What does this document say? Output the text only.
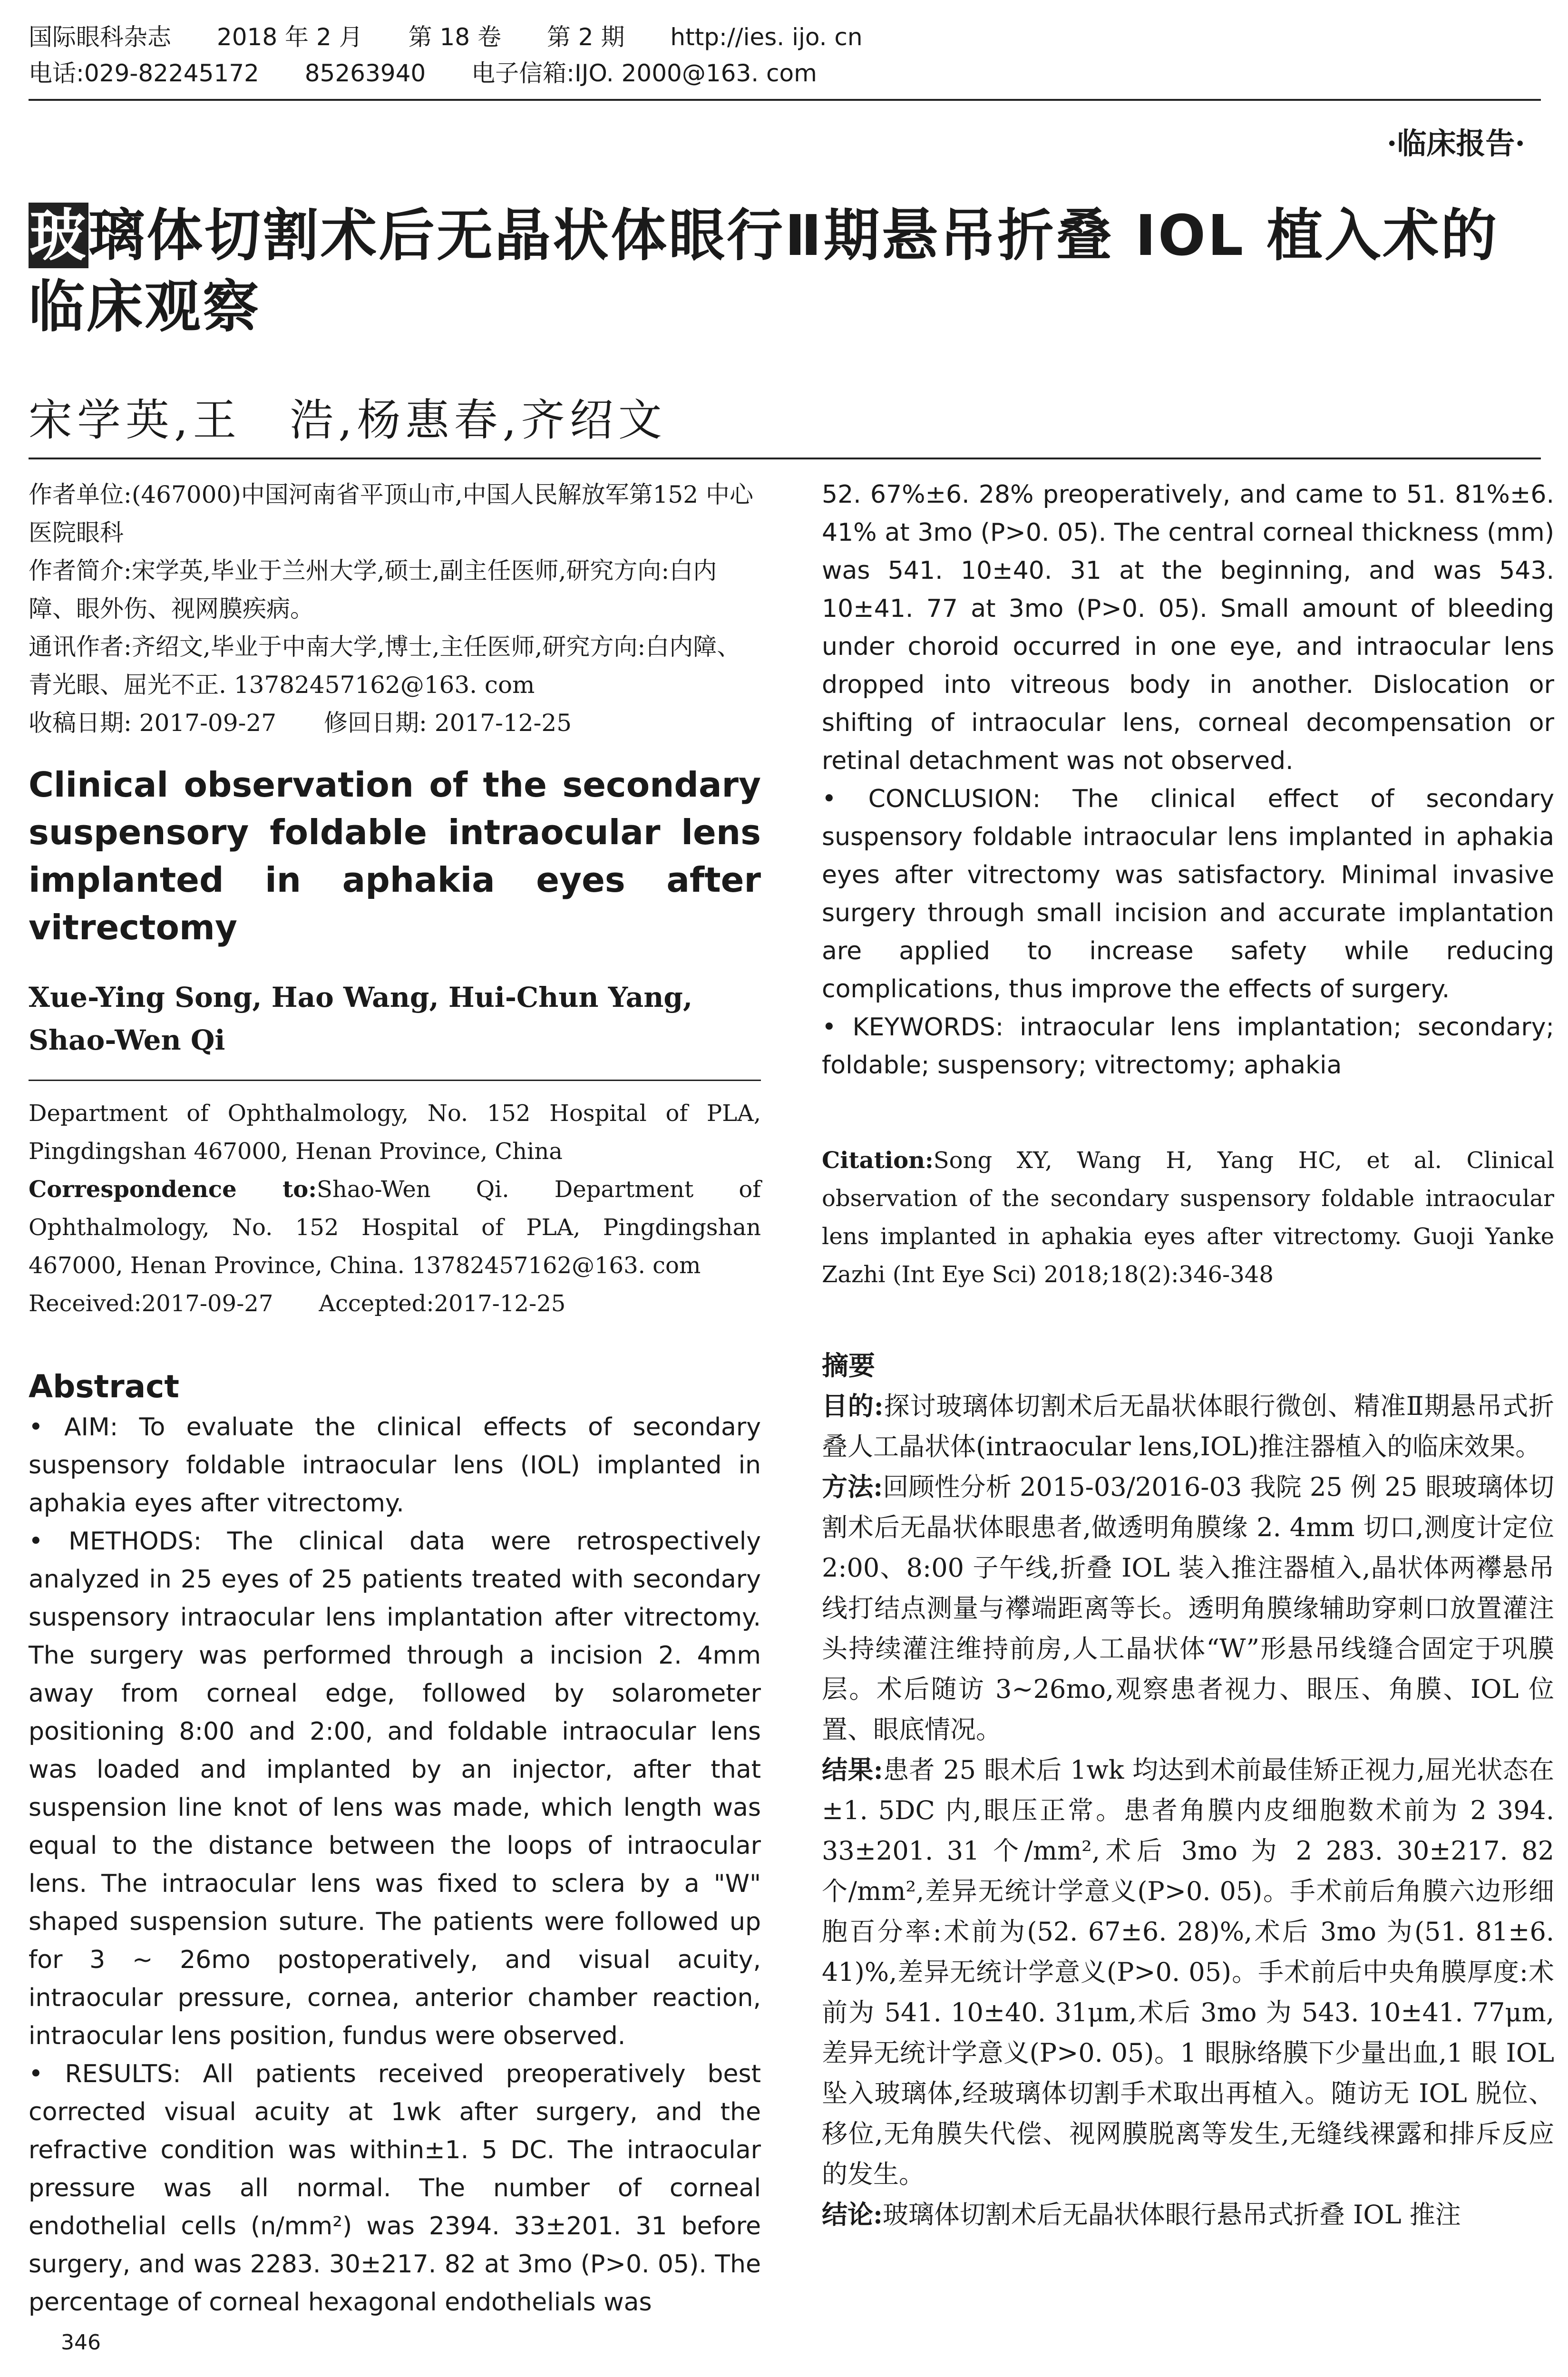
国际眼科杂志 2018 年 2 月 第 18 卷 第 2 期 http://ies. ijo. cn
电话:029-82245172 85263940 电子信箱:IJO. 2000@163. com
·临床报告·
玻璃体切割术后无晶状体眼行Ⅱ期悬吊折叠 IOL 植入术的临床观察
宋学英,王　浩,杨惠春,齐绍文

作者单位:(467000)中国河南省平顶山市,中国人民解放军第152 中心医院眼科

作者简介:宋学英,毕业于兰州大学,硕士,副主任医师,研究方向:白内障、眼外伤、视网膜疾病。

通讯作者:齐绍文,毕业于中南大学,博士,主任医师,研究方向:白内障、青光眼、屈光不正. 13782457162@163. com

收稿日期: 2017-09-27　　修回日期: 2017-12-25

Clinical observation of the secondary suspensory foldable intraocular lens implanted in aphakia eyes after vitrectomy
Xue-Ying Song, Hao Wang, Hui-Chun Yang, Shao-Wen Qi

Department of Ophthalmology, No. 152 Hospital of PLA, Pingdingshan 467000, Henan Province, China

Correspondence to:Shao-Wen Qi. Department of Ophthalmology, No. 152 Hospital of PLA, Pingdingshan 467000, Henan Province, China. 13782457162@163. com

Received:2017-09-27　　Accepted:2017-12-25

Abstract

• AIM: To evaluate the clinical effects of secondary suspensory foldable intraocular lens (IOL) implanted in aphakia eyes after vitrectomy.

• METHODS: The clinical data were retrospectively analyzed in 25 eyes of 25 patients treated with secondary suspensory intraocular lens implantation after vitrectomy. The surgery was performed through a incision 2. 4mm away from corneal edge, followed by solarometer positioning 8:00 and 2:00, and foldable intraocular lens was loaded and implanted by an injector, after that suspension line knot of lens was made, which length was equal to the distance between the loops of intraocular lens. The intraocular lens was fixed to sclera by a "W" shaped suspension suture. The patients were followed up for 3 ~ 26mo postoperatively, and visual acuity, intraocular pressure, cornea, anterior chamber reaction, intraocular lens position, fundus were observed.

• RESULTS: All patients received preoperatively best corrected visual acuity at 1wk after surgery, and the refractive condition was within±1. 5 DC. The intraocular pressure was all normal. The number of corneal endothelial cells (n/mm²) was 2394. 33±201. 31 before surgery, and was 2283. 30±217. 82 at 3mo (P>0. 05). The percentage of corneal hexagonal endothelials was

52. 67%±6. 28% preoperatively, and came to 51. 81%±6. 41% at 3mo (P>0. 05). The central corneal thickness (mm) was 541. 10±40. 31 at the beginning, and was 543. 10±41. 77 at 3mo (P>0. 05). Small amount of bleeding under choroid occurred in one eye, and intraocular lens dropped into vitreous body in another. Dislocation or shifting of intraocular lens, corneal decompensation or retinal detachment was not observed.

• CONCLUSION: The clinical effect of secondary suspensory foldable intraocular lens implanted in aphakia eyes after vitrectomy was satisfactory. Minimal invasive surgery through small incision and accurate implantation are applied to increase safety while reducing complications, thus improve the effects of surgery.

• KEYWORDS: intraocular lens implantation; secondary; foldable; suspensory; vitrectomy; aphakia

Citation:Song XY, Wang H, Yang HC, et al. Clinical observation of the secondary suspensory foldable intraocular lens implanted in aphakia eyes after vitrectomy. Guoji Yanke Zazhi (Int Eye Sci) 2018;18(2):346-348

摘要

目的:探讨玻璃体切割术后无晶状体眼行微创、精准Ⅱ期悬吊式折叠人工晶状体(intraocular lens,IOL)推注器植入的临床效果。

方法:回顾性分析 2015-03/2016-03 我院 25 例 25 眼玻璃体切割术后无晶状体眼患者,做透明角膜缘 2. 4mm 切口,测度计定位 2:00、8:00 子午线,折叠 IOL 装入推注器植入,晶状体两襻悬吊线打结点测量与襻端距离等长。透明角膜缘辅助穿刺口放置灌注头持续灌注维持前房,人工晶状体“W”形悬吊线缝合固定于巩膜层。术后随访 3~26mo,观察患者视力、眼压、角膜、IOL 位置、眼底情况。

结果:患者 25 眼术后 1wk 均达到术前最佳矫正视力,屈光状态在±1. 5DC 内,眼压正常。患者角膜内皮细胞数术前为 2 394. 33±201. 31 个/mm²,术后 3mo 为 2 283. 30±217. 82 个/mm²,差异无统计学意义(P>0. 05)。手术前后角膜六边形细胞百分率:术前为(52. 67±6. 28)%,术后 3mo 为(51. 81±6. 41)%,差异无统计学意义(P>0. 05)。手术前后中央角膜厚度:术前为 541. 10±40. 31μm,术后 3mo 为 543. 10±41. 77μm,差异无统计学意义(P>0. 05)。1 眼脉络膜下少量出血,1 眼 IOL 坠入玻璃体,经玻璃体切割手术取出再植入。随访无 IOL 脱位、移位,无角膜失代偿、视网膜脱离等发生,无缝线裸露和排斥反应的发生。

结论:玻璃体切割术后无晶状体眼行悬吊式折叠 IOL 推注

346
